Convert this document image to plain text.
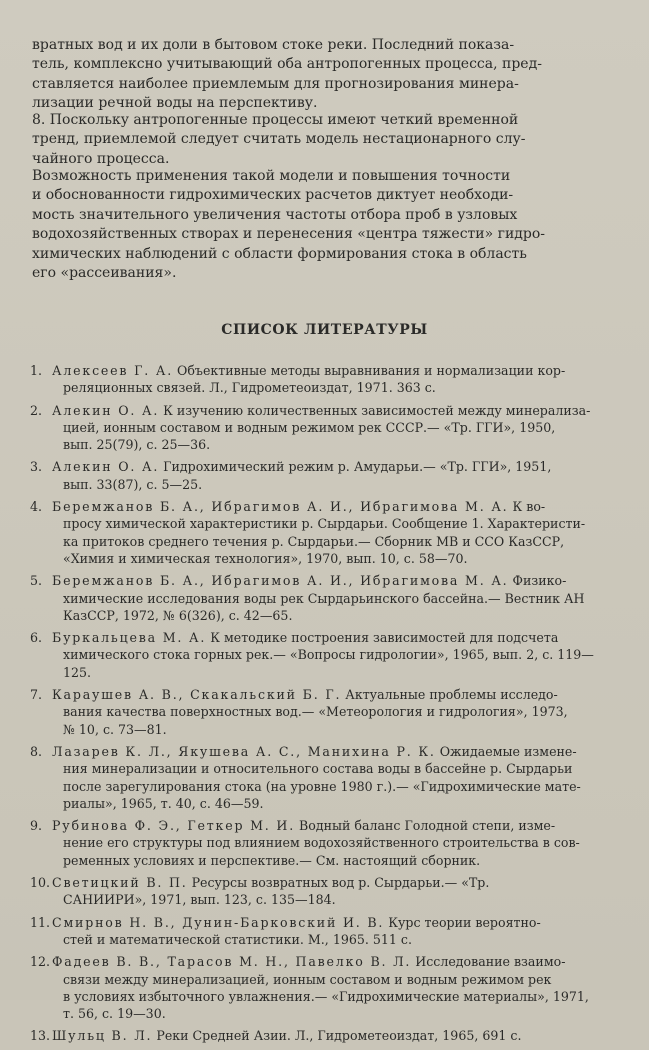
вратных вод и их доли в бытовом стоке реки. Последний показа-
тель, комплексно учитывающий оба антропогенных процесса, пред-
ставляется наиболее приемлемым для прогнозирования минера-
лизации речной воды на перспективу.
8. Поскольку антропогенные процессы имеют четкий временной
тренд, приемлемой следует считать модель нестационарного слу-
чайного процесса.
Возможность применения такой модели и повышения точности
и обоснованности гидрохимических расчетов диктует необходи-
мость значительного увеличения частоты отбора проб в узловых
водохозяйственных створах и перенесения «центра тяжести» гидро-
химических наблюдений с области формирования стока в область
его «рассеивания».
СПИСОК ЛИТЕРАТУРЫ
1. Алексеев Г. А. Объективные методы выравнивания и нормализации кор-
реляционных связей. Л., Гидрометеоиздат, 1971. 363 с.
2. Алекин О. А. К изучению количественных зависимостей между минерализа-
цией, ионным составом и водным режимом рек СССР.— «Тр. ГГИ», 1950,
вып. 25(79), с. 25—36.
3. Алекин О. А. Гидрохимический режим р. Амударьи.— «Тр. ГГИ», 1951,
вып. 33(87), с. 5—25.
4. Беремжанов Б. А., Ибрагимов А. И., Ибрагимова М. А. К во-
просу химической характеристики р. Сырдарьи. Сообщение 1. Характеристи-
ка притоков среднего течения р. Сырдарьи.— Сборник МВ и ССО КазССР,
«Химия и химическая технология», 1970, вып. 10, с. 58—70.
5. Беремжанов Б. А., Ибрагимов А. И., Ибрагимова М. А. Физико-
химические исследования воды рек Сырдарьинского бассейна.— Вестник АН
КазССР, 1972, № 6(326), с. 42—65.
6. Буркальцева М. А. К методике построения зависимостей для подсчета
химического стока горных рек.— «Вопросы гидрологии», 1965, вып. 2, с. 119—
125.
7. Караушев А. В., Скакальский Б. Г. Актуальные проблемы исследо-
вания качества поверхностных вод.— «Метеорология и гидрология», 1973,
№ 10, с. 73—81.
8. Лазарев К. Л., Якушева А. С., Манихина Р. К. Ожидаемые измене-
ния минерализации и относительного состава воды в бассейне р. Сырдарьи
после зарегулирования стока (на уровне 1980 г.).— «Гидрохимические мате-
риалы», 1965, т. 40, с. 46—59.
9. Рубинова Ф. Э., Геткер М. И. Водный баланс Голодной степи, изме-
нение его структуры под влиянием водохозяйственного строительства в сов-
ременных условиях и перспективе.— См. настоящий сборник.
10. Светицкий В. П. Ресурсы возвратных вод р. Сырдарьи.— «Тр.
САНИИРИ», 1971, вып. 123, с. 135—184.
11. Смирнов Н. В., Дунин-Барковский И. В. Курс теории вероятно-
стей и математической статистики. М., 1965. 511 с.
12. Фадеев В. В., Тарасов М. Н., Павелко В. Л. Исследование взаимо-
связи между минерализацией, ионным составом и водным режимом рек
в условиях избыточного увлажнения.— «Гидрохимические материалы», 1971,
т. 56, с. 19—30.
13. Шульц В. Л. Реки Средней Азии. Л., Гидрометеоиздат, 1965, 691 с.
